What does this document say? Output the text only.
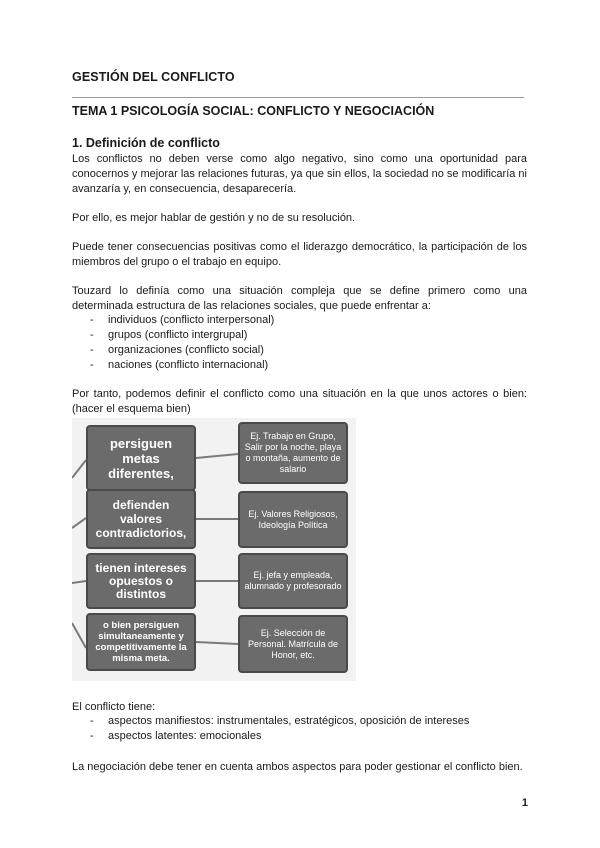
GESTIÓN DEL CONFLICTO
TEMA 1 PSICOLOGÍA SOCIAL: CONFLICTO Y NEGOCIACIÓN
1. Definición de conflicto
Los conflictos no deben verse como algo negativo, sino como una oportunidad para conocernos y mejorar las relaciones futuras, ya que sin ellos, la sociedad no se modificaría ni avanzaría y, en consecuencia, desaparecería.
Por ello, es mejor hablar de gestión y no de su resolución.
Puede tener consecuencias positivas como el liderazgo democrático, la participación de los miembros del grupo o el trabajo en equipo.
Touzard lo definía como una situación compleja que se define primero como una determinada estructura de las relaciones sociales, que puede enfrentar a:
- individuos (conflicto interpersonal)
- grupos (conflicto intergrupal)
- organizaciones (conflicto social)
- naciones (conflicto internacional)
Por tanto, podemos definir el conflicto como una situación en la que unos actores o bien: (hacer el esquema bien)
El conflicto tiene:
- aspectos manifiestos: instrumentales, estratégicos, oposición de intereses
- aspectos latentes: emocionales
La negociación debe tener en cuenta ambos aspectos para poder gestionar el conflicto bien.
persiguen metas diferentes,
defienden valores contradictorios,
tienen intereses opuestos o distintos
o bien persiguen simultaneamente y competitivamente la misma meta.
Ej. Trabajo en Grupo, Salir por la noche, playa o montaña, aumento de salario
Ej. Valores Religiosos, Ideología Política
Ej. jefa y empleada, alumnado y profesorado
Ej. Selección de Personal. Matrícula de Honor, etc.
1
